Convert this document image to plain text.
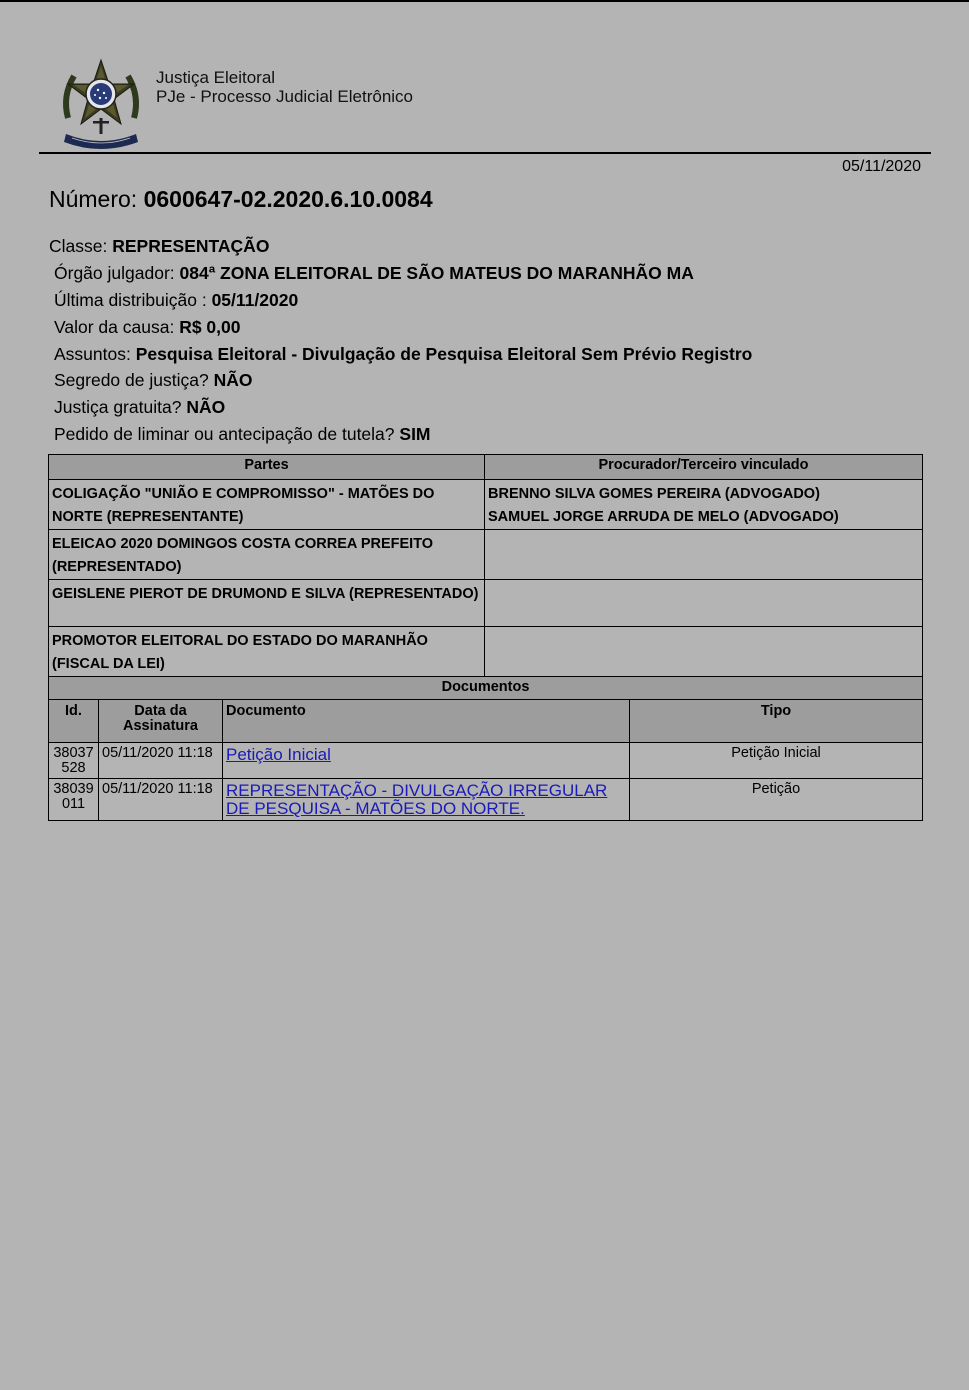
Justiça Eleitoral
PJe - Processo Judicial Eletrônico
05/11/2020
Número: 0600647-02.2020.6.10.0084
Classe: REPRESENTAÇÃO
Órgão julgador: 084ª ZONA ELEITORAL DE SÃO MATEUS DO MARANHÃO MA
Última distribuição : 05/11/2020
Valor da causa: R$ 0,00
Assuntos: Pesquisa Eleitoral - Divulgação de Pesquisa Eleitoral Sem Prévio Registro
Segredo de justiça? NÃO
Justiça gratuita? NÃO
Pedido de liminar ou antecipação de tutela? SIM
Partes	Procurador/Terceiro vinculado
COLIGAÇÃO "UNIÃO E COMPROMISSO" - MATÕES DO NORTE (REPRESENTANTE)	BRENNO SILVA GOMES PEREIRA (ADVOGADO)
SAMUEL JORGE ARRUDA DE MELO (ADVOGADO)

ELEICAO 2020 DOMINGOS COSTA CORREA PREFEITO (REPRESENTADO)	
GEISLENE PIEROT DE DRUMOND E SILVA (REPRESENTADO)	
PROMOTOR ELEITORAL DO ESTADO DO MARANHÃO (FISCAL DA LEI)	
Documentos			
Id.	Data da Assinatura	Documento	Tipo
38037528	05/11/2020 11:18	Petição Inicial	Petição Inicial
38039011	05/11/2020 11:18	REPRESENTAÇÃO - DIVULGAÇÃO IRREGULAR DE PESQUISA - MATÕES DO NORTE.	Petição
